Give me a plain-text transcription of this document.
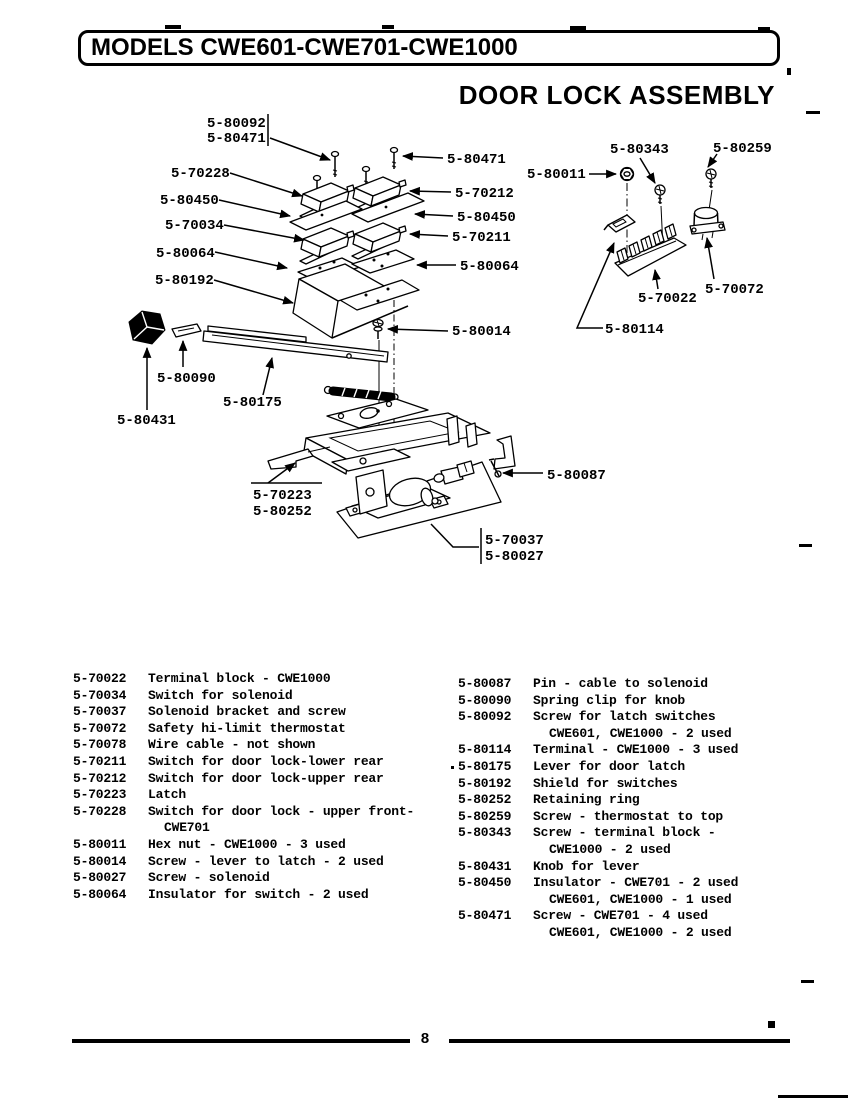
MODELS CWE601-CWE701-CWE1000
DOOR LOCK ASSEMBLY
5-80092
5-80471
5-70228
5-80450
5-70034
5-80064
5-80192
5-80471
5-70212
5-80450
5-70211
5-80064
5-80014
5-80090
5-80431
5-80175
5-70223
5-80252
5-80087
5-70037
5-80027
5-80011
5-80343	5-80259
5-70022
5-70072
5-80114
5-70022	Terminal block - CWE1000
5-70034	Switch for solenoid
5-70037	Solenoid bracket and screw
5-70072	Safety hi-limit thermostat
5-70078	Wire cable - not shown
5-70211	Switch for door lock-lower rear
5-70212	Switch for door lock-upper rear
5-70223	Latch
5-70228	Switch for door lock - upper front-
CWE701
5-80011	Hex nut - CWE1000 - 3 used
5-80014	Screw - lever to latch - 2 used
5-80027	Screw - solenoid
5-80064	Insulator for switch - 2 used
5-80087	Pin - cable to solenoid
5-80090	Spring clip for knob
5-80092	Screw for latch switches
CWE601, CWE1000 - 2 used
5-80114	Terminal - CWE1000 - 3 used
5-80175	Lever for door latch
5-80192	Shield for switches
5-80252	Retaining ring
5-80259	Screw - thermostat to top
5-80343	Screw - terminal block -
CWE1000 - 2 used
5-80431	Knob for lever
5-80450	Insulator - CWE701 - 2 used
CWE601, CWE1000 - 1 used
5-80471	Screw - CWE701 - 4 used
CWE601, CWE1000 - 2 used
8
